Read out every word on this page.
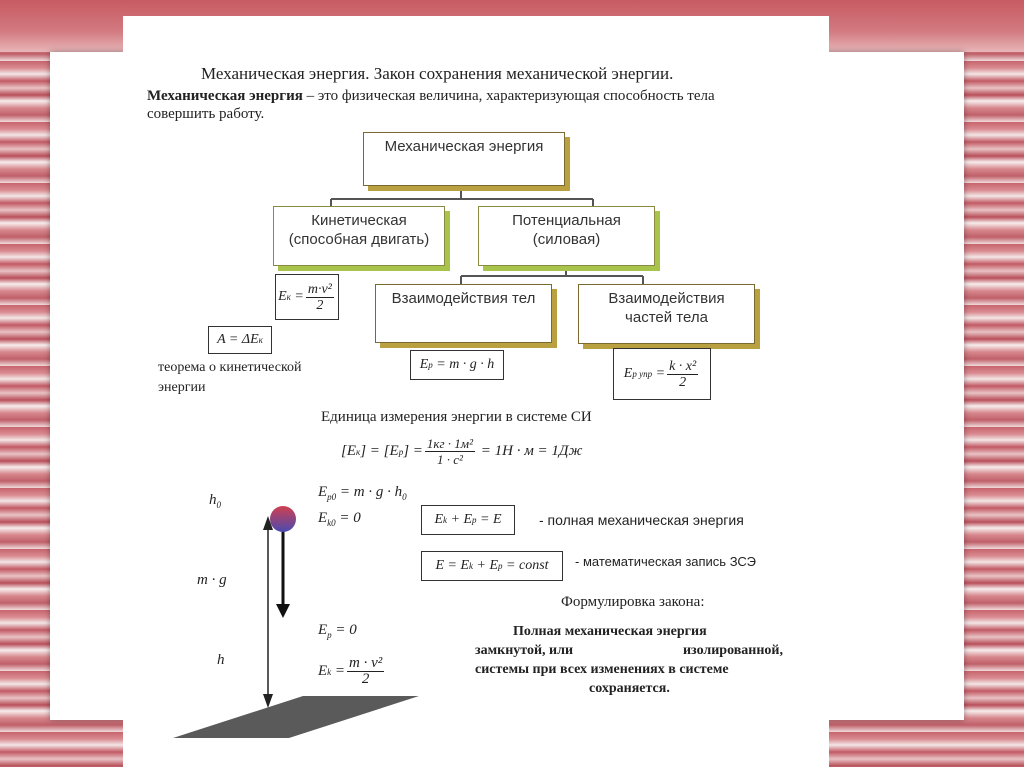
Механическая энергия. Закон сохранения механической энергии.
Механическая энергия – это физическая величина, характеризующая способность тела
совершить работу.
Механическая энергия
Кинетическая
(способная двигать)
Потенциальная
(силовая)
Взаимодействия тел	Взаимодействия
частей тела
E $к = \frac{\text{m·v²}}{2}$
A = ΔE к
теорема о кинетической
энергии
E р
= m · g · h
E р упр = $\frac{\text{k · x²}}{2}$
Единица измерения энергии в системе СИ
[E к ] = [E р ] = $\frac{\text{1кг · 1м²}}{\text{1 · с²}}$
= 1Н · м = 1Дж
$h_0$
m · g⃗
h
$E_{р0} = m \cdot g \cdot h_0$
$E_{k0} = 0$
$E_р = 0$
E $k = \frac{\text{m · v²}}{2}$
E k + E р = E	- полная механическая энергия
E = E k + E р = const	- математическая запись ЗСЭ
Формулировка закона:
Полная механическая энергия
замкнутой, или	изолированной,
системы при всех изменениях в системе
сохраняется.
